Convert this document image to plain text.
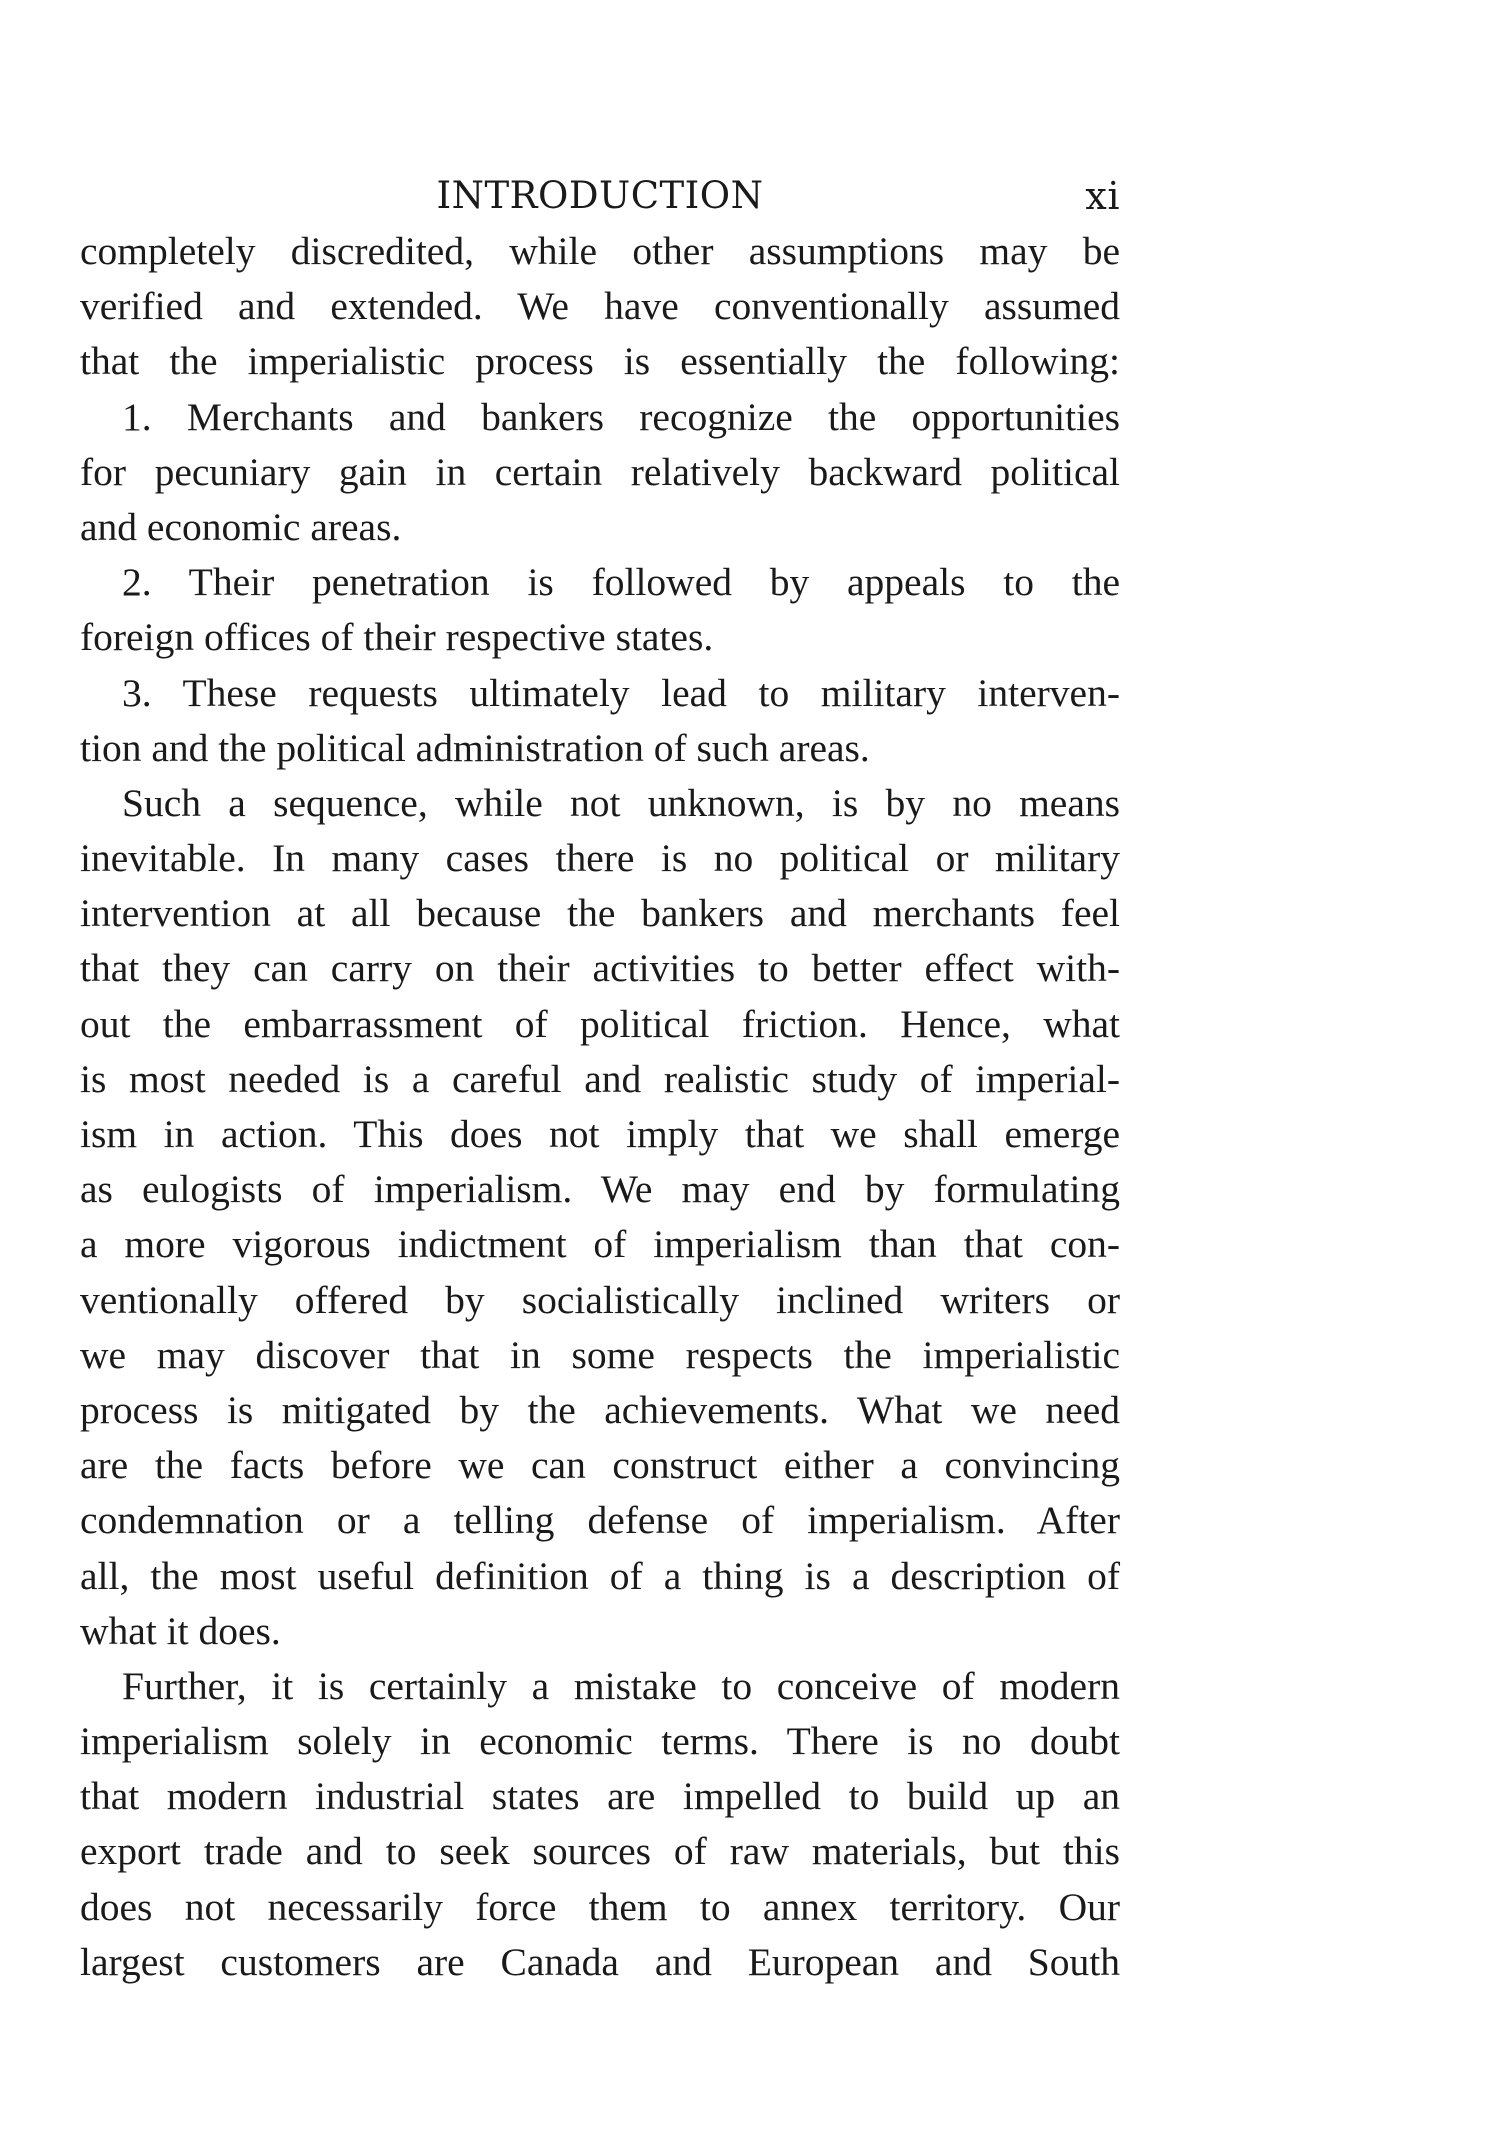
INTRODUCTION	xi
completely discredited, while other assumptions may be
verified and extended. We have conventionally assumed
that the imperialistic process is essentially the following:
1. Merchants and bankers recognize the opportunities
for pecuniary gain in certain relatively backward political
and economic areas.
2. Their penetration is followed by appeals to the
foreign offices of their respective states.
3. These requests ultimately lead to military interven-
tion and the political administration of such areas.
Such a sequence, while not unknown, is by no means
inevitable. In many cases there is no political or military
intervention at all because the bankers and merchants feel
that they can carry on their activities to better effect with-
out the embarrassment of political friction. Hence, what
is most needed is a careful and realistic study of imperial-
ism in action. This does not imply that we shall emerge
as eulogists of imperialism. We may end by formulating
a more vigorous indictment of imperialism than that con-
ventionally offered by socialistically inclined writers or
we may discover that in some respects the imperialistic
process is mitigated by the achievements. What we need
are the facts before we can construct either a convincing
condemnation or a telling defense of imperialism. After
all, the most useful definition of a thing is a description of
what it does.
Further, it is certainly a mistake to conceive of modern
imperialism solely in economic terms. There is no doubt
that modern industrial states are impelled to build up an
export trade and to seek sources of raw materials, but this
does not necessarily force them to annex territory. Our
largest customers are Canada and European and South
